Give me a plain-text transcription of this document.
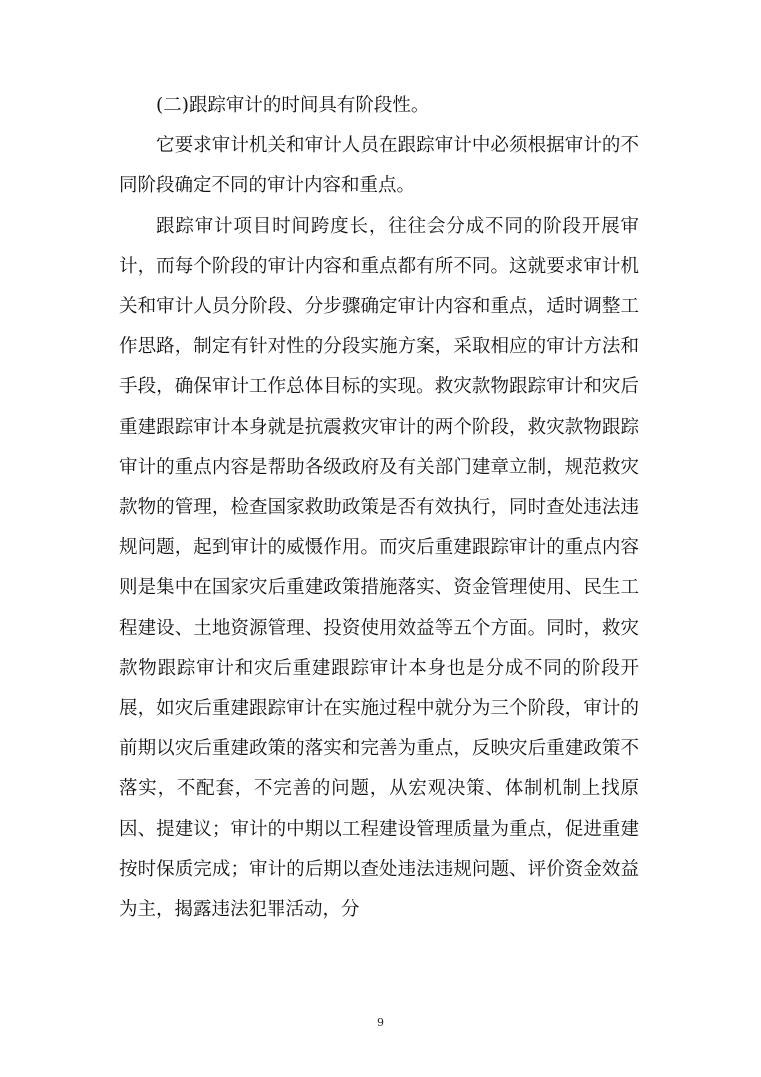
(二)跟踪审计的时间具有阶段性。

它要求审计机关和审计人员在跟踪审计中必须根据审计的不同阶段确定不同的审计内容和重点。

跟踪审计项目时间跨度长，往往会分成不同的阶段开展审计，而每个阶段的审计内容和重点都有所不同。这就要求审计机关和审计人员分阶段、分步骤确定审计内容和重点，适时调整工作思路，制定有针对性的分段实施方案，采取相应的审计方法和手段，确保审计工作总体目标的实现。救灾款物跟踪审计和灾后重建跟踪审计本身就是抗震救灾审计的两个阶段，救灾款物跟踪审计的重点内容是帮助各级政府及有关部门建章立制，规范救灾款物的管理，检查国家救助政策是否有效执行，同时查处违法违规问题，起到审计的威慑作用。而灾后重建跟踪审计的重点内容则是集中在国家灾后重建政策措施落实、资金管理使用、民生工程建设、土地资源管理、投资使用效益等五个方面。同时，救灾款物跟踪审计和灾后重建跟踪审计本身也是分成不同的阶段开展，如灾后重建跟踪审计在实施过程中就分为三个阶段，审计的前期以灾后重建政策的落实和完善为重点，反映灾后重建政策不落实，不配套，不完善的问题，从宏观决策、体制机制上找原因、提建议；审计的中期以工程建设管理质量为重点，促进重建按时保质完成；审计的后期以查处违法违规问题、评价资金效益为主，揭露违法犯罪活动，分

9
